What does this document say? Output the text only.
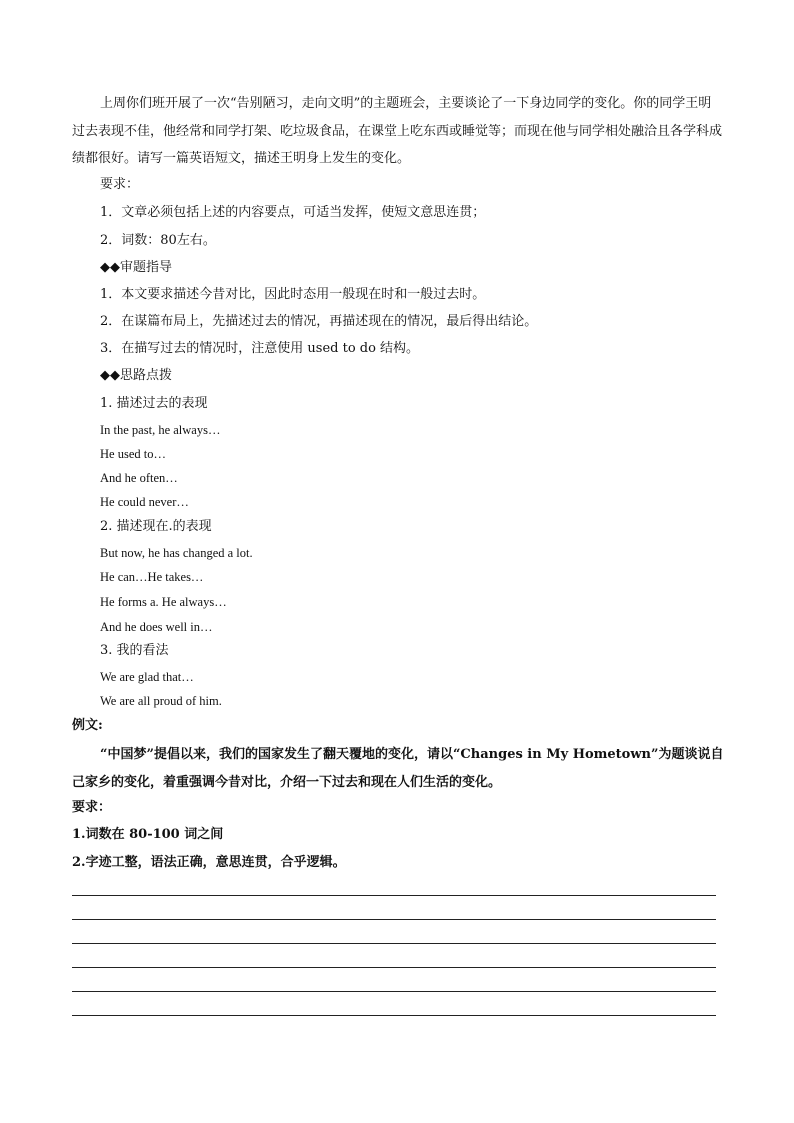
上周你们班开展了一次“告别陋习，走向文明”的主题班会，主要谈论了一下身边同学的变化。你的同学王明过去表现不佳，他经常和同学打架、吃垃圾食品，在课堂上吃东西或睡觉等；而现在他与同学相处融洽且各学科成绩都很好。请写一篇英语短文，描述王明身上发生的变化。
要求：
1．文章必须包括上述的内容要点，可适当发挥，使短文意思连贯；
2．词数：80左右。
◆◆审题指导
1．本文要求描述今昔对比，因此时态用一般现在时和一般过去时。
2．在谋篇布局上，先描述过去的情况，再描述现在的情况，最后得出结论。
3．在描写过去的情况时，注意使用 used to do 结构。
◆◆思路点拨
1. 描述过去的表现
In the past, he always…
He used to…
And he often…
He could never…
2. 描述现在.的表现
But now, he has changed a lot.
He can…He takes…
He forms a. He always…
And he does well in…
3. 我的看法
We are glad that…
We are all proud of him.
例文:
“中国梦”提倡以来，我们的国家发生了翻天覆地的变化，请以“Changes in My Hometown”为题谈说自己家乡的变化，着重强调今昔对比，介绍一下过去和现在人们生活的变化。
要求：
1.词数在 80-100 词之间
2.字迹工整，语法正确，意思连贯，合乎逻辑。
